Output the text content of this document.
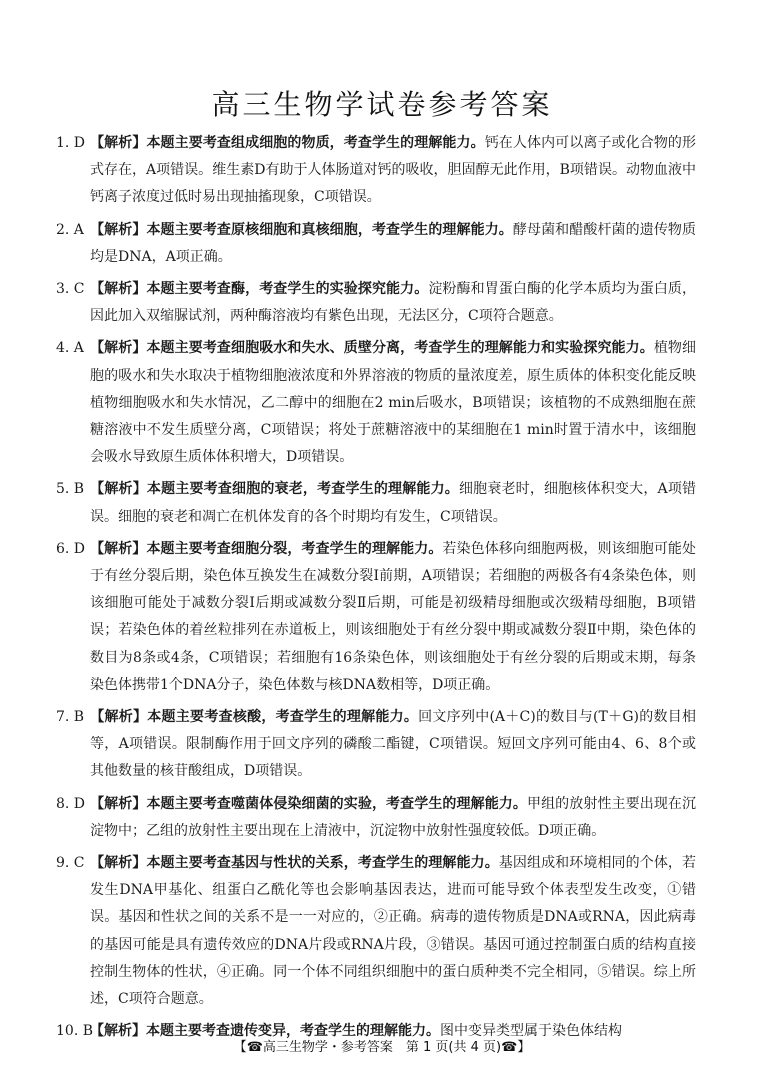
高三生物学试卷参考答案
1. D 【解析】本题主要考查组成细胞的物质，考查学生的理解能力。钙在人体内可以离子或化合物的形式存在，A项错误。维生素D有助于人体肠道对钙的吸收，胆固醇无此作用，B项错误。动物血液中钙离子浓度过低时易出现抽搐现象，C项错误。
2. A 【解析】本题主要考查原核细胞和真核细胞，考查学生的理解能力。酵母菌和醋酸杆菌的遗传物质均是DNA，A项正确。
3. C 【解析】本题主要考查酶，考查学生的实验探究能力。淀粉酶和胃蛋白酶的化学本质均为蛋白质，因此加入双缩脲试剂，两种酶溶液均有紫色出现，无法区分，C项符合题意。
4. A 【解析】本题主要考查细胞吸水和失水、质壁分离，考查学生的理解能力和实验探究能力。植物细胞的吸水和失水取决于植物细胞液浓度和外界溶液的物质的量浓度差，原生质体的体积变化能反映植物细胞吸水和失水情况，乙二醇中的细胞在2 min后吸水，B项错误；该植物的不成熟细胞在蔗糖溶液中不发生质壁分离，C项错误；将处于蔗糖溶液中的某细胞在1 min时置于清水中，该细胞会吸水导致原生质体体积增大，D项错误。
5. B 【解析】本题主要考查细胞的衰老，考查学生的理解能力。细胞衰老时，细胞核体积变大，A项错误。细胞的衰老和凋亡在机体发育的各个时期均有发生，C项错误。
6. D 【解析】本题主要考查细胞分裂，考查学生的理解能力。若染色体移向细胞两极，则该细胞可能处于有丝分裂后期，染色体互换发生在减数分裂Ⅰ前期，A项错误；若细胞的两极各有4条染色体，则该细胞可能处于减数分裂Ⅰ后期或减数分裂Ⅱ后期，可能是初级精母细胞或次级精母细胞，B项错误；若染色体的着丝粒排列在赤道板上，则该细胞处于有丝分裂中期或减数分裂Ⅱ中期，染色体的数目为8条或4条，C项错误；若细胞有16条染色体，则该细胞处于有丝分裂的后期或末期，每条染色体携带1个DNA分子，染色体数与核DNA数相等，D项正确。
7. B 【解析】本题主要考查核酸，考查学生的理解能力。回文序列中(A＋C)的数目与(T＋G)的数目相等，A项错误。限制酶作用于回文序列的磷酸二酯键，C项错误。短回文序列可能由4、6、8个或其他数量的核苷酸组成，D项错误。
8. D 【解析】本题主要考查噬菌体侵染细菌的实验，考查学生的理解能力。甲组的放射性主要出现在沉淀物中；乙组的放射性主要出现在上清液中，沉淀物中放射性强度较低。D项正确。
9. C 【解析】本题主要考查基因与性状的关系，考查学生的理解能力。基因组成和环境相同的个体，若发生DNA甲基化、组蛋白乙酰化等也会影响基因表达，进而可能导致个体表型发生改变，①错误。基因和性状之间的关系不是一一对应的，②正确。病毒的遗传物质是DNA或RNA，因此病毒的基因可能是具有遗传效应的DNA片段或RNA片段，③错误。基因可通过控制蛋白质的结构直接控制生物体的性状，④正确。同一个体不同组织细胞中的蛋白质种类不完全相同，⑤错误。综上所述，C项符合题意。
10. B【解析】本题主要考查遗传变异，考查学生的理解能力。图中变异类型属于染色体结构
【☎高三生物学・参考答案　第 1 页(共 4 页)☎】
